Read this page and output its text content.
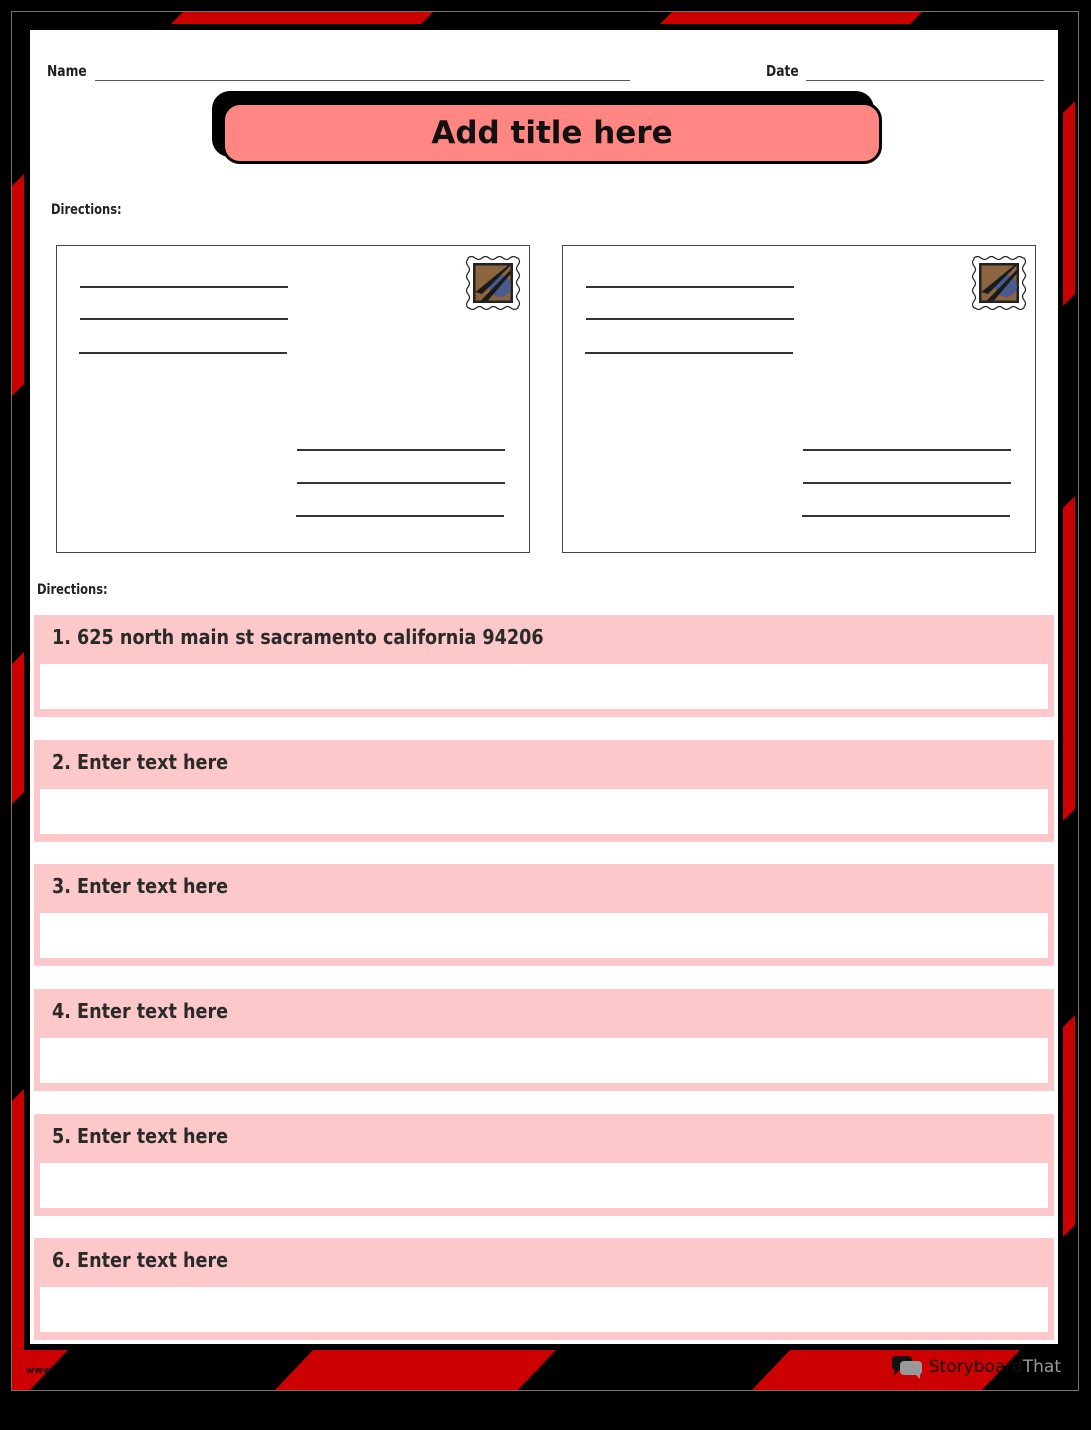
Name	Date
Add title here
Directions:
Directions:
1. 625 north main st sacramento california 94206
2. Enter text here
3. Enter text here
4. Enter text here
5. Enter text here
6. Enter text here
www	StoryboardThat
